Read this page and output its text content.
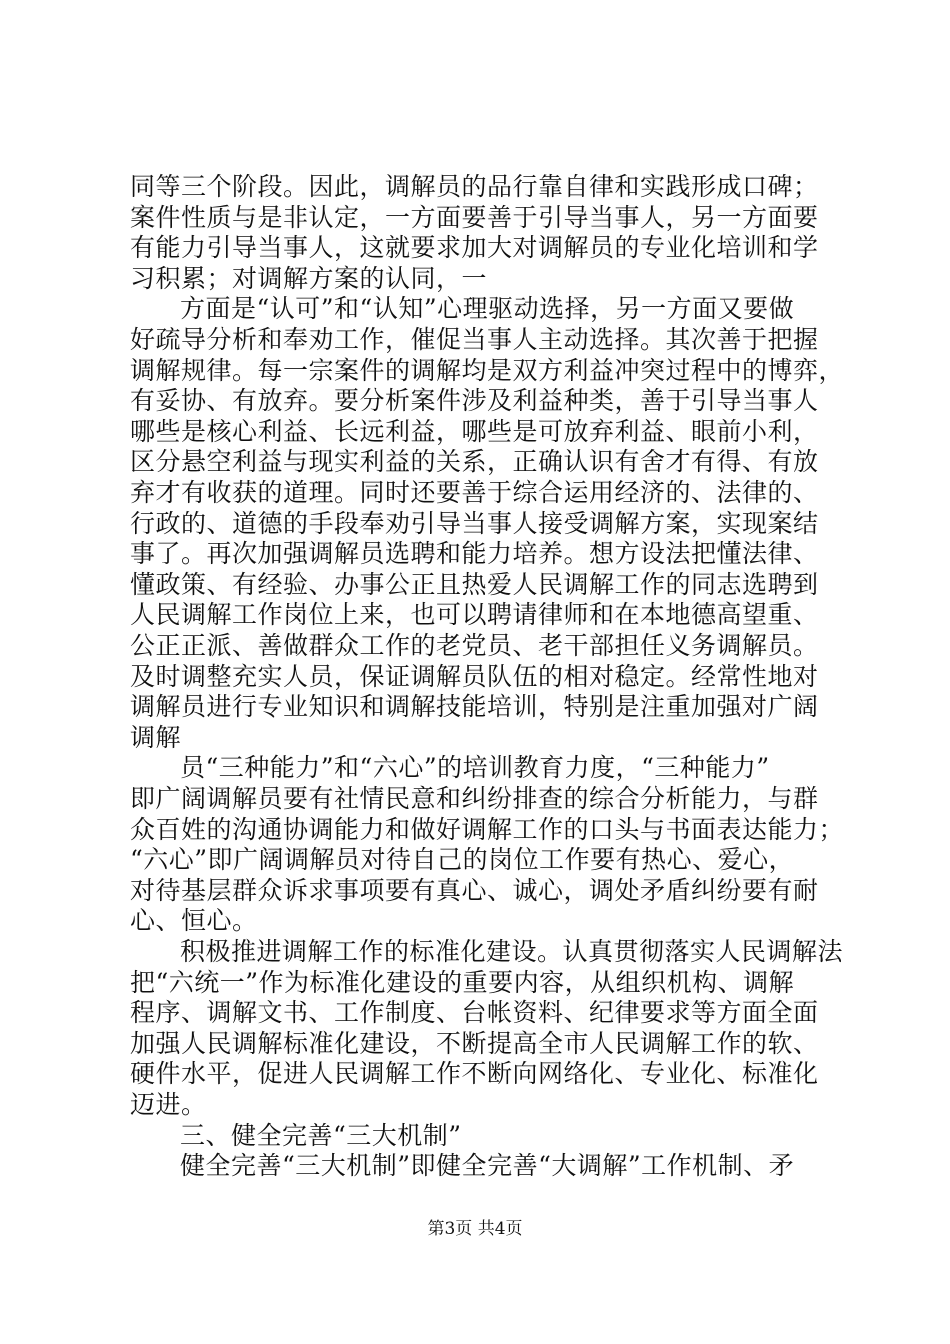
同等三个阶段。因此，调解员的品行靠自律和实践形成口碑；
案件性质与是非认定，一方面要善于引导当事人，另一方面要
有能力引导当事人，这就要求加大对调解员的专业化培训和学
习积累；对调解方案的认同，一
方面是“认可”和“认知”心理驱动选择，另一方面又要做
好疏导分析和奉劝工作，催促当事人主动选择。其次善于把握
调解规律。每一宗案件的调解均是双方利益冲突过程中的博弈，
有妥协、有放弃。要分析案件涉及利益种类，善于引导当事人
哪些是核心利益、长远利益，哪些是可放弃利益、眼前小利，
区分悬空利益与现实利益的关系，正确认识有舍才有得、有放
弃才有收获的道理。同时还要善于综合运用经济的、法律的、
行政的、道德的手段奉劝引导当事人接受调解方案，实现案结
事了。再次加强调解员选聘和能力培养。想方设法把懂法律、
懂政策、有经验、办事公正且热爱人民调解工作的同志选聘到
人民调解工作岗位上来，也可以聘请律师和在本地德高望重、
公正正派、善做群众工作的老党员、老干部担任义务调解员。
及时调整充实人员，保证调解员队伍的相对稳定。经常性地对
调解员进行专业知识和调解技能培训，特别是注重加强对广阔
调解
员“三种能力”和“六心”的培训教育力度，“三种能力”
即广阔调解员要有社情民意和纠纷排查的综合分析能力，与群
众百姓的沟通协调能力和做好调解工作的口头与书面表达能力；
“六心”即广阔调解员对待自己的岗位工作要有热心、爱心，
对待基层群众诉求事项要有真心、诚心，调处矛盾纠纷要有耐
心、恒心。
积极推进调解工作的标准化建设。认真贯彻落实人民调解法
把“六统一”作为标准化建设的重要内容，从组织机构、调解
程序、调解文书、工作制度、台帐资料、纪律要求等方面全面
加强人民调解标准化建设，不断提高全市人民调解工作的软、
硬件水平，促进人民调解工作不断向网络化、专业化、标准化
迈进。
三、健全完善“三大机制”
健全完善“三大机制”即健全完善“大调解”工作机制、矛
第3页 共4页
